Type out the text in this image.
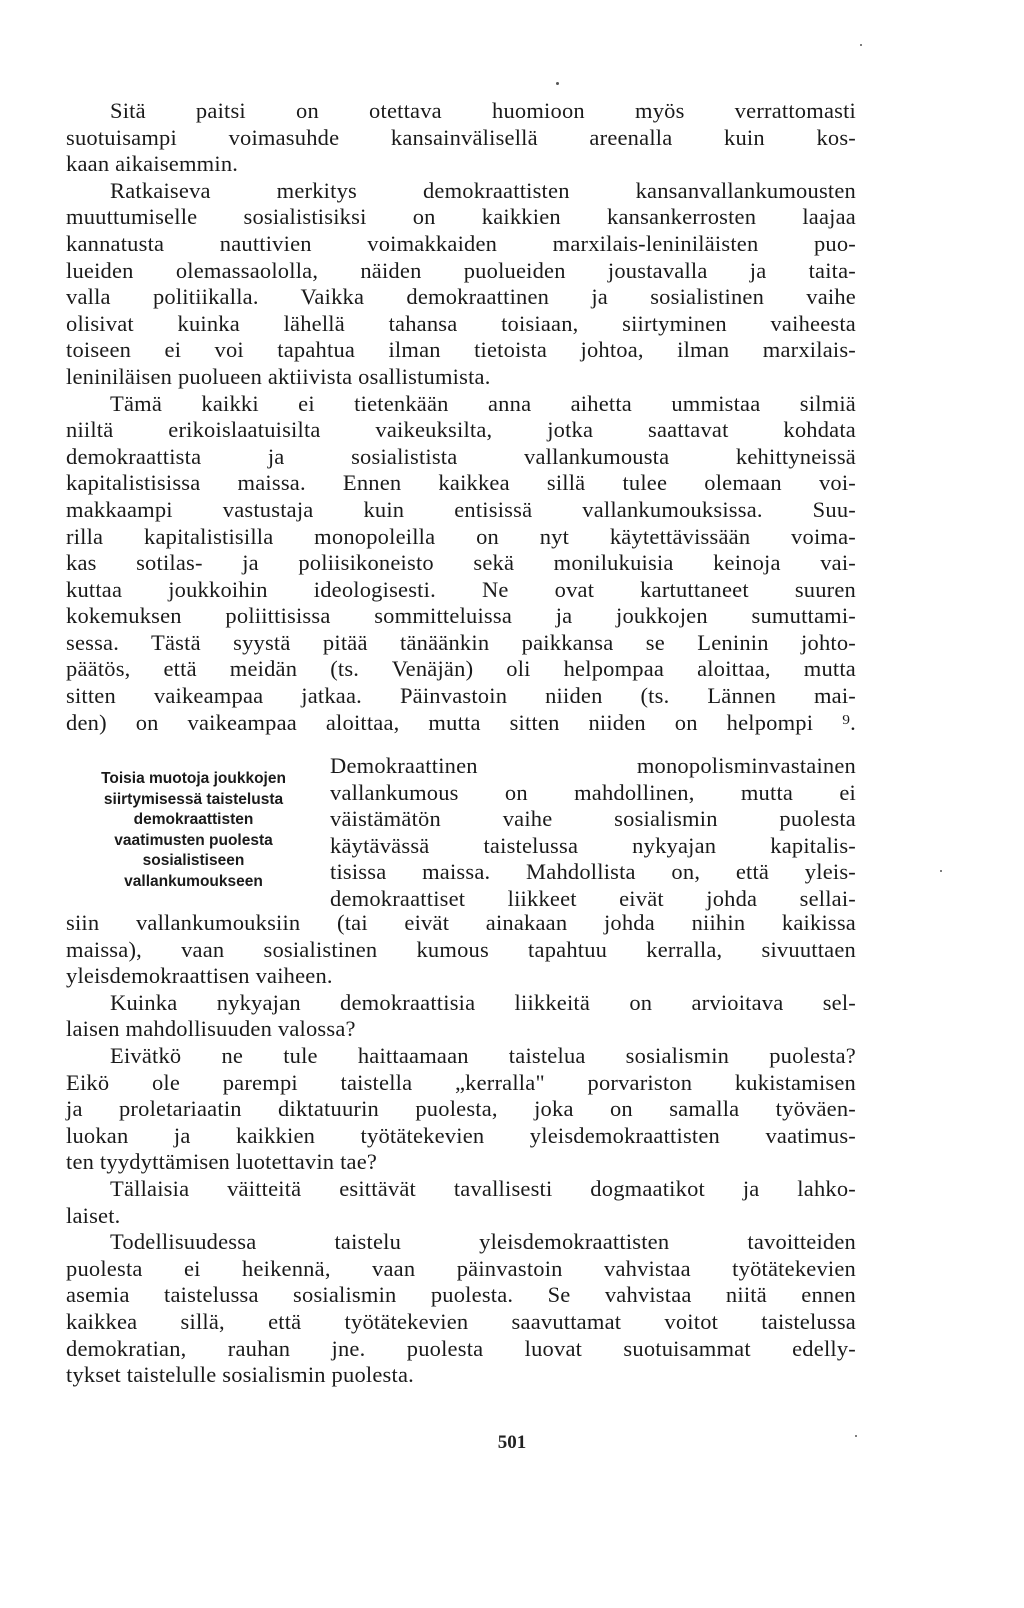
Sitä paitsi on otettava huomioon myös verrattomasti
suotuisampi voimasuhde kansainvälisellä areenalla kuin kos-
kaan aikaisemmin.
Ratkaiseva merkitys demokraattisten kansanvallankumousten
muuttumiselle sosialistisiksi on kaikkien kansankerrosten laajaa
kannatusta nauttivien voimakkaiden marxilais-leniniläisten puo-
lueiden olemassaololla, näiden puolueiden joustavalla ja taita-
valla politiikalla. Vaikka demokraattinen ja sosialistinen vaihe
olisivat kuinka lähellä tahansa toisiaan, siirtyminen vaiheesta
toiseen ei voi tapahtua ilman tietoista johtoa, ilman marxilais-
leniniläisen puolueen aktiivista osallistumista.
Tämä kaikki ei tietenkään anna aihetta ummistaa silmiä
niiltä erikoislaatuisilta vaikeuksilta, jotka saattavat kohdata
demokraattista ja sosialistista vallankumousta kehittyneissä
kapitalistisissa maissa. Ennen kaikkea sillä tulee olemaan voi-
makkaampi vastustaja kuin entisissä vallankumouksissa. Suu-
rilla kapitalistisilla monopoleilla on nyt käytettävissään voima-
kas sotilas- ja poliisikoneisto sekä monilukuisia keinoja vai-
kuttaa joukkoihin ideologisesti. Ne ovat kartuttaneet suuren
kokemuksen poliittisissa sommitteluissa ja joukkojen sumuttami-
sessa. Tästä syystä pitää tänäänkin paikkansa se Leninin johto-
päätös, että meidän (ts. Venäjän) oli helpompaa aloittaa, mutta
sitten vaikeampaa jatkaa. Päinvastoin niiden (ts. Lännen mai-
den) on vaikeampaa aloittaa, mutta sitten niiden on helpompi ⁹.
Toisia muotoja joukkojen
siirtymisessä taistelusta
demokraattisten
vaatimusten puolesta
sosialistiseen
vallankumoukseen
Demokraattinen monopolisminvastainen
vallankumous on mahdollinen, mutta ei
väistämätön vaihe sosialismin puolesta
käytävässä taistelussa nykyajan kapitalis-
tisissa maissa. Mahdollista on, että yleis-
demokraattiset liikkeet eivät johda sellai-
siin vallankumouksiin (tai eivät ainakaan johda niihin kaikissa
maissa), vaan sosialistinen kumous tapahtuu kerralla, sivuuttaen
yleisdemokraattisen vaiheen.
Kuinka nykyajan demokraattisia liikkeitä on arvioitava sel-
laisen mahdollisuuden valossa?
Eivätkö ne tule haittaamaan taistelua sosialismin puolesta?
Eikö ole parempi taistella „kerralla" porvariston kukistamisen
ja proletariaatin diktatuurin puolesta, joka on samalla työväen-
luokan ja kaikkien työtätekevien yleisdemokraattisten vaatimus-
ten tyydyttämisen luotettavin tae?
Tällaisia väitteitä esittävät tavallisesti dogmaatikot ja lahko-
laiset.
Todellisuudessa taistelu yleisdemokraattisten tavoitteiden
puolesta ei heikennä, vaan päinvastoin vahvistaa työtätekevien
asemia taistelussa sosialismin puolesta. Se vahvistaa niitä ennen
kaikkea sillä, että työtätekevien saavuttamat voitot taistelussa
demokratian, rauhan jne. puolesta luovat suotuisammat edelly-
tykset taistelulle sosialismin puolesta.
501
